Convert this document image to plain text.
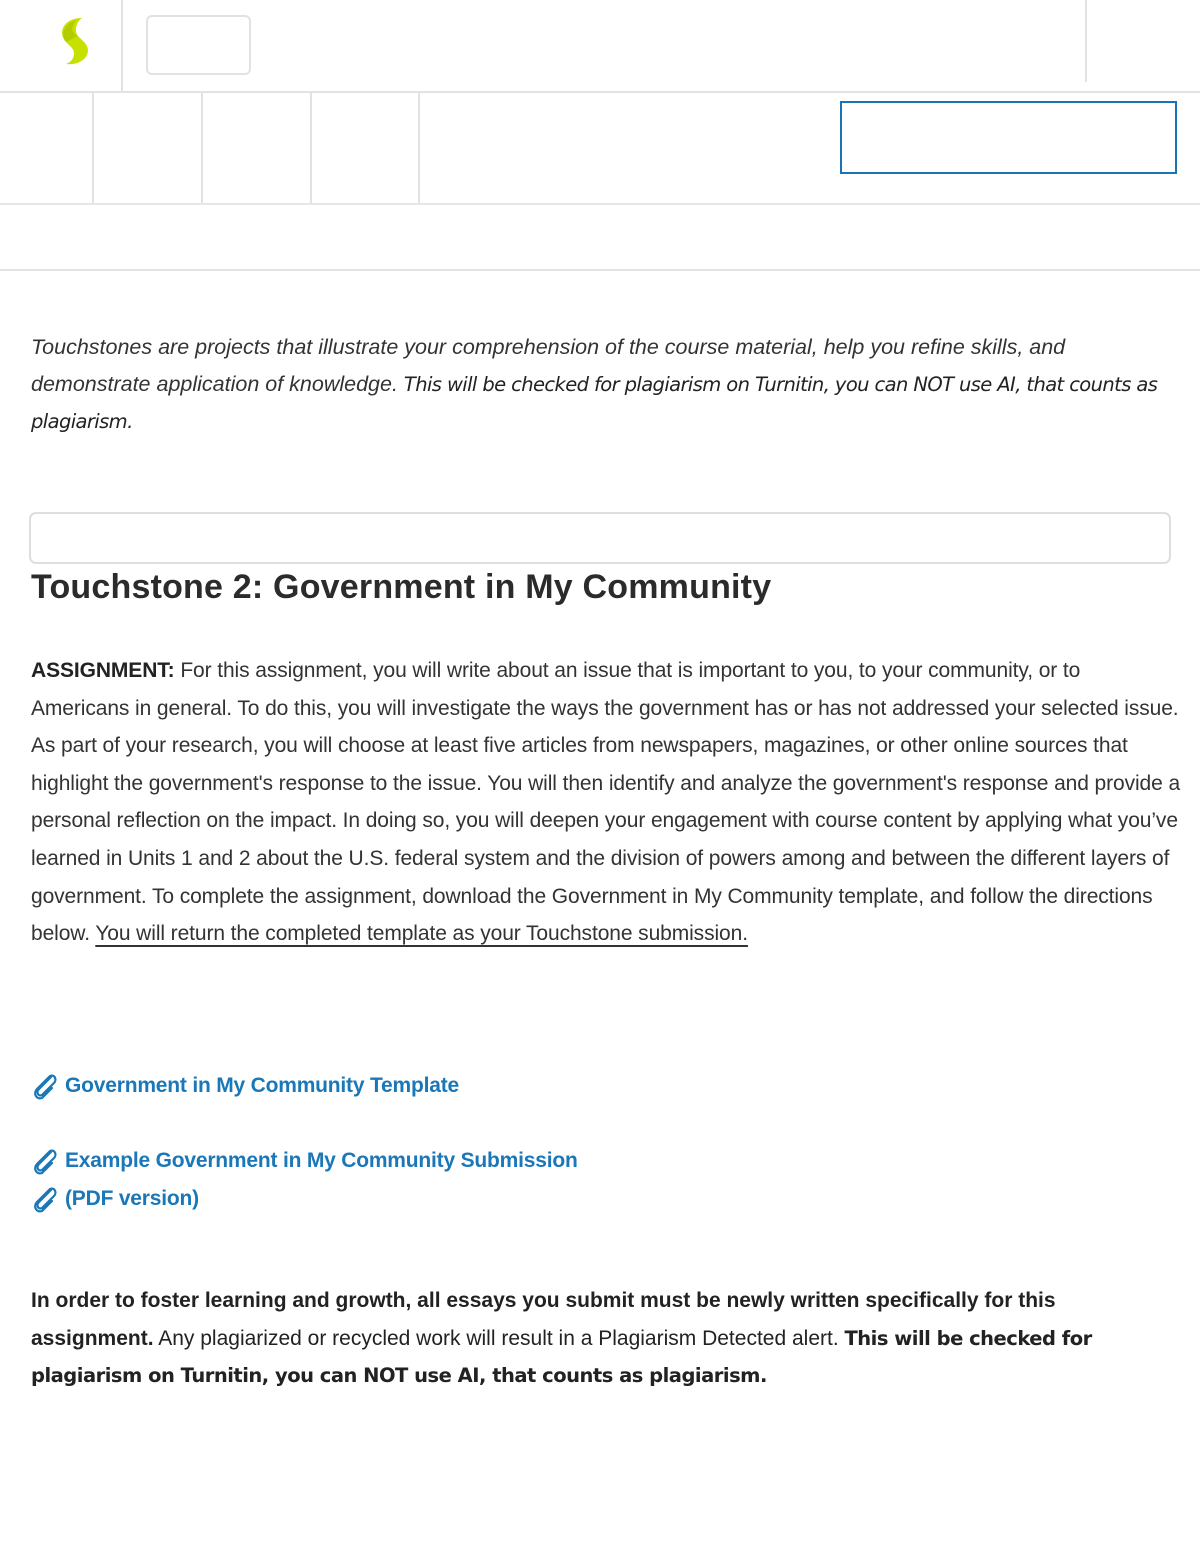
Touchstones are projects that illustrate your comprehension of the course material, help you refine skills, and demonstrate application of knowledge. This will be checked for plagiarism on Turnitin, you can NOT use AI, that counts as plagiarism.

Touchstone 2: Government in My Community

ASSIGNMENT: For this assignment, you will write about an issue that is important to you, to your community, or to Americans in general. To do this, you will investigate the ways the government has or has not addressed your selected issue. As part of your research, you will choose at least five articles from newspapers, magazines, or other online sources that highlight the government's response to the issue. You will then identify and analyze the government's response and provide a personal reflection on the impact. In doing so, you will deepen your engagement with course content by applying what you’ve learned in Units 1 and 2 about the U.S. federal system and the division of powers among and between the different layers of government. To complete the assignment, download the Government in My Community template, and follow the directions below. You will return the completed template as your Touchstone submission.

Government in My Community Template
Example Government in My Community Submission
(PDF version)

In order to foster learning and growth, all essays you submit must be newly written specifically for this assignment. Any plagiarized or recycled work will result in a Plagiarism Detected alert. This will be checked for plagiarism on Turnitin, you can NOT use AI, that counts as plagiarism.
